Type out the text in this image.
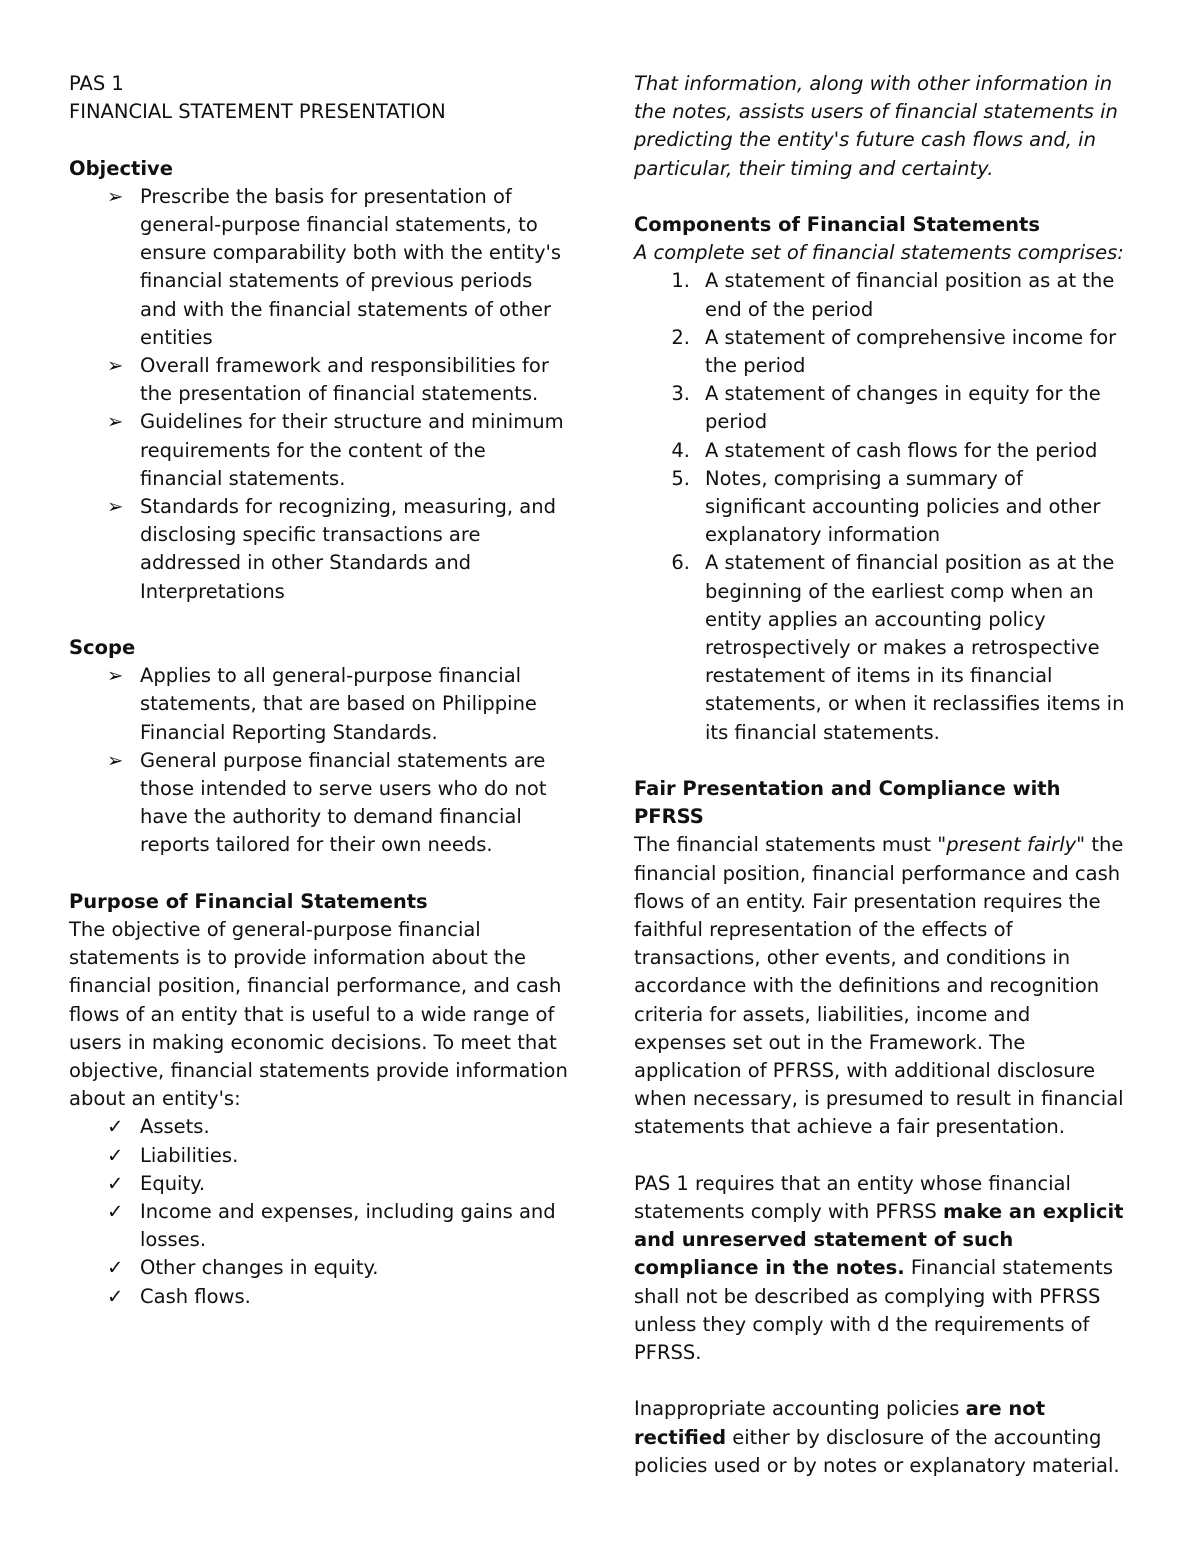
PAS 1

FINANCIAL STATEMENT PRESENTATION

Objective

➢ Prescribe the basis for presentation of general-purpose financial statements, to ensure comparability both with the entity's financial statements of previous periods and with the financial statements of other entities
➢ Overall framework and responsibilities for the presentation of financial statements.
➢ Guidelines for their structure and minimum requirements for the content of the financial statements.
➢ Standards for recognizing, measuring, and disclosing specific transactions are addressed in other Standards and Interpretations

Scope

➢ Applies to all general-purpose financial statements, that are based on Philippine Financial Reporting Standards.
➢ General purpose financial statements are those intended to serve users who do not have the authority to demand financial reports tailored for their own needs.

Purpose of Financial Statements

The objective of general-purpose financial statements is to provide information about the financial position, financial performance, and cash flows of an entity that is useful to a wide range of users in making economic decisions. To meet that objective, financial statements provide information about an entity's:

✓ Assets.
✓ Liabilities.
✓ Equity.
✓ Income and expenses, including gains and losses.
✓ Other changes in equity.
✓ Cash flows.

That information, along with other information in the notes, assists users of financial statements in predicting the entity's future cash flows and, in particular, their timing and certainty.

Components of Financial Statements

A complete set of financial statements comprises:

1. A statement of financial position as at the end of the period
2. A statement of comprehensive income for the period
3. A statement of changes in equity for the period
4. A statement of cash flows for the period
5. Notes, comprising a summary of significant accounting policies and other explanatory information
6. A statement of financial position as at the beginning of the earliest comp when an entity applies an accounting policy retrospectively or makes a retrospective restatement of items in its financial statements, or when it reclassifies items in its financial statements.

Fair Presentation and Compliance with PFRSS

The financial statements must "present fairly" the financial position, financial performance and cash flows of an entity. Fair presentation requires the faithful representation of the effects of transactions, other events, and conditions in accordance with the definitions and recognition criteria for assets, liabilities, income and expenses set out in the Framework. The application of PFRSS, with additional disclosure when necessary, is presumed to result in financial statements that achieve a fair presentation.

PAS 1 requires that an entity whose financial statements comply with PFRSS make an explicit and unreserved statement of such compliance in the notes. Financial statements shall not be described as complying with PFRSS unless they comply with d the requirements of PFRSS.

Inappropriate accounting policies are not rectified either by disclosure of the accounting policies used or by notes or explanatory material.
